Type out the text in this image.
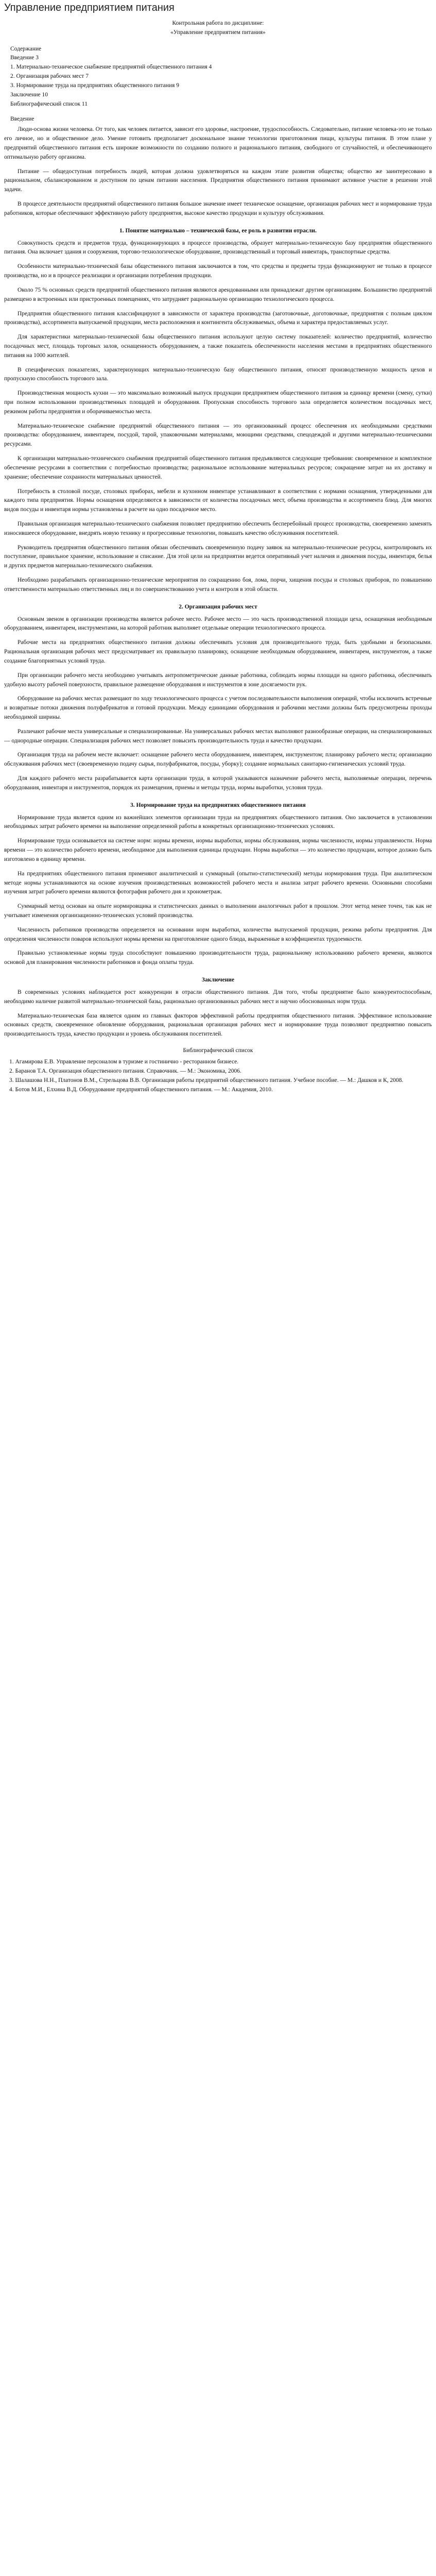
Управление предприятием питания

Контрольная работа по дисциплине:

«Управление предприятием питания»

Содержание

Введение 3
1. Материально-техническое снабжение предприятий общественного питания 4
2. Организация рабочих мест 7
3. Нормирование труда на предприятиях общественного питания 9
Заключение 10
Библиографический список 11

Введение

Люди-основа жизни человека. От того, как человек питается, зависит его здоровье, настроение, трудоспособность. Следовательно, питание человека-это не только его личное, но и общественное дело. Умение готовить предполагает доскональное знание технологии приготовления пищи, культуры питания. В этом плане у предприятий общественного питания есть широкие возможности по созданию полного и рационального питания, свободного от случайностей, и обеспечивающего оптимальную работу организма.

Питание — общедоступная потребность людей, которая должна удовлетворяться на каждом этапе развития общества; общество же заинтересовано в рациональном, сбалансированном и доступном по ценам питании населения. Предприятия общественного питания принимают активное участие в решении этой задачи.

В процессе деятельности предприятий общественного питания большое значение имеет техническое оснащение, организация рабочих мест и нормирование труда работников, которые обеспечивают эффективную работу предприятия, высокое качество продукции и культуру обслуживания.

1. Понятие материально – технической базы, ее роль в развитии отрасли.

Совокупность средств и предметов труда, функционирующих в процессе производства, образует материально-техническую базу предприятия общественного питания. Она включает здания и сооружения, торгово-технологическое оборудование, производственный и торговый инвентарь, транспортные средства.

Особенности материально-технической базы общественного питания заключаются в том, что средства и предметы труда функционируют не только в процессе производства, но и в процессе реализации и организации потребления продукции.

Около 75 % основных средств предприятий общественного питания являются арендованными или принадлежат другим организациям. Большинство предприятий размещено в встроенных или пристроенных помещениях, что затрудняет рациональную организацию технологического процесса.

Предприятия общественного питания классифицируют в зависимости от характера производства (заготовочные, доготовочные, предприятия с полным циклом производства), ассортимента выпускаемой продукции, места расположения и контингента обслуживаемых, объема и характера предоставляемых услуг.

Для характеристики материально-технической базы общественного питания используют целую систему показателей: количество предприятий, количество посадочных мест, площадь торговых залов, оснащенность оборудованием, а также показатель обеспеченности населения местами в предприятиях общественного питания на 1000 жителей.

В специфических показателях, характеризующих материально-техническую базу общественного питания, относят производственную мощность цехов и пропускную способность торгового зала.

Производственная мощность кухни — это максимально возможный выпуск продукции предприятием общественного питания за единицу времени (смену, сутки) при полном использовании производственных площадей и оборудования. Пропускная способность торгового зала определяется количеством посадочных мест, режимом работы предприятия и оборачиваемостью места.

Материально-техническое снабжение предприятий общественного питания — это организованный процесс обеспечения их необходимыми средствами производства: оборудованием, инвентарем, посудой, тарой, упаковочными материалами, моющими средствами, спецодеждой и другими материально-техническими ресурсами.

К организации материально-технического снабжения предприятий общественного питания предъявляются следующие требования: своевременное и комплектное обеспечение ресурсами в соответствии с потребностью производства; рациональное использование материальных ресурсов; сокращение затрат на их доставку и хранение; обеспечение сохранности материальных ценностей.

Потребность в столовой посуде, столовых приборах, мебели и кухонном инвентаре устанавливают в соответствии с нормами оснащения, утвержденными для каждого типа предприятия. Нормы оснащения определяются в зависимости от количества посадочных мест, объема производства и ассортимента блюд. Для многих видов посуды и инвентаря нормы установлены в расчете на одно посадочное место.

Правильная организация материально-технического снабжения позволяет предприятию обеспечить бесперебойный процесс производства, своевременно заменять износившееся оборудование, внедрять новую технику и прогрессивные технологии, повышать качество обслуживания посетителей.

Руководитель предприятия общественного питания обязан обеспечивать своевременную подачу заявок на материально-технические ресурсы, контролировать их поступление, правильное хранение, использование и списание. Для этой цели на предприятии ведется оперативный учет наличия и движения посуды, инвентаря, белья и других предметов материально-технического снабжения.

Необходимо разрабатывать организационно-технические мероприятия по сокращению боя, лома, порчи, хищения посуды и столовых приборов, по повышению ответственности материально ответственных лиц и по совершенствованию учета и контроля в этой области.

2. Организация рабочих мест

Основным звеном в организации производства является рабочее место. Рабочее место — это часть производственной площади цеха, оснащенная необходимым оборудованием, инвентарем, инструментами, на которой работник выполняет отдельные операции технологического процесса.

Рабочие места на предприятиях общественного питания должны обеспечивать условия для производительного труда, быть удобными и безопасными. Рациональная организация рабочих мест предусматривает их правильную планировку, оснащение необходимым оборудованием, инвентарем, инструментом, а также создание благоприятных условий труда.

При организации рабочего места необходимо учитывать антропометрические данные работника, соблюдать нормы площади на одного работника, обеспечивать удобную высоту рабочей поверхности, правильное размещение оборудования и инструментов в зоне досягаемости рук.

Оборудование на рабочих местах размещают по ходу технологического процесса с учетом последовательности выполнения операций, чтобы исключить встречные и возвратные потоки движения полуфабрикатов и готовой продукции. Между единицами оборудования и рабочими местами должны быть предусмотрены проходы необходимой ширины.

Различают рабочие места универсальные и специализированные. На универсальных рабочих местах выполняют разнообразные операции, на специализированных — однородные операции. Специализация рабочих мест позволяет повысить производительность труда и качество продукции.

Организация труда на рабочем месте включает: оснащение рабочего места оборудованием, инвентарем, инструментом; планировку рабочего места; организацию обслуживания рабочих мест (своевременную подачу сырья, полуфабрикатов, посуды, уборку); создание нормальных санитарно-гигиенических условий труда.

Для каждого рабочего места разрабатывается карта организации труда, в которой указываются назначение рабочего места, выполняемые операции, перечень оборудования, инвентаря и инструментов, порядок их размещения, приемы и методы труда, нормы выработки, условия труда.

3. Нормирование труда на предприятиях общественного питания

Нормирование труда является одним из важнейших элементов организации труда на предприятиях общественного питания. Оно заключается в установлении необходимых затрат рабочего времени на выполнение определенной работы в конкретных организационно-технических условиях.

Нормирование труда основывается на системе норм: нормы времени, нормы выработки, нормы обслуживания, нормы численности, нормы управляемости. Норма времени — это количество рабочего времени, необходимое для выполнения единицы продукции. Норма выработки — это количество продукции, которое должно быть изготовлено в единицу времени.

На предприятиях общественного питания применяют аналитический и суммарный (опытно-статистический) методы нормирования труда. При аналитическом методе нормы устанавливаются на основе изучения производственных возможностей рабочего места и анализа затрат рабочего времени. Основными способами изучения затрат рабочего времени являются фотография рабочего дня и хронометраж.

Суммарный метод основан на опыте нормировщика и статистических данных о выполнении аналогичных работ в прошлом. Этот метод менее точен, так как не учитывает изменения организационно-технических условий производства.

Численность работников производства определяется на основании норм выработки, количества выпускаемой продукции, режима работы предприятия. Для определения численности поваров используют нормы времени на приготовление одного блюда, выраженные в коэффициентах трудоемкости.

Правильно установленные нормы труда способствуют повышению производительности труда, рациональному использованию рабочего времени, являются основой для планирования численности работников и фонда оплаты труда.

Заключение

В современных условиях наблюдается рост конкуренции в отрасли общественного питания. Для того, чтобы предприятие было конкурентоспособным, необходимо наличие развитой материально-технической базы, рационально организованных рабочих мест и научно обоснованных норм труда.

Материально-техническая база является одним из главных факторов эффективной работы предприятия общественного питания. Эффективное использование основных средств, своевременное обновление оборудования, рациональная организация рабочих мест и нормирование труда позволяют предприятию повысить производительность труда, качество продукции и уровень обслуживания посетителей.

Библиографический список

1. Агамирова Е.В. Управление персоналом в туризме и гостинично - ресторанном бизнесе.
2. Баранов Т.А. Организация общественного питания. Справочник. — М.: Экономика, 2006.
3. Шалашова Н.Н., Платонов В.М., Стрельцова В.В. Организация работы предприятий общественного питания. Учебное пособие. — М.: Дашков и К, 2008.
4. Ботов М.И., Елхина В.Д. Оборудование предприятий общественного питания. — М.: Академия, 2010.
